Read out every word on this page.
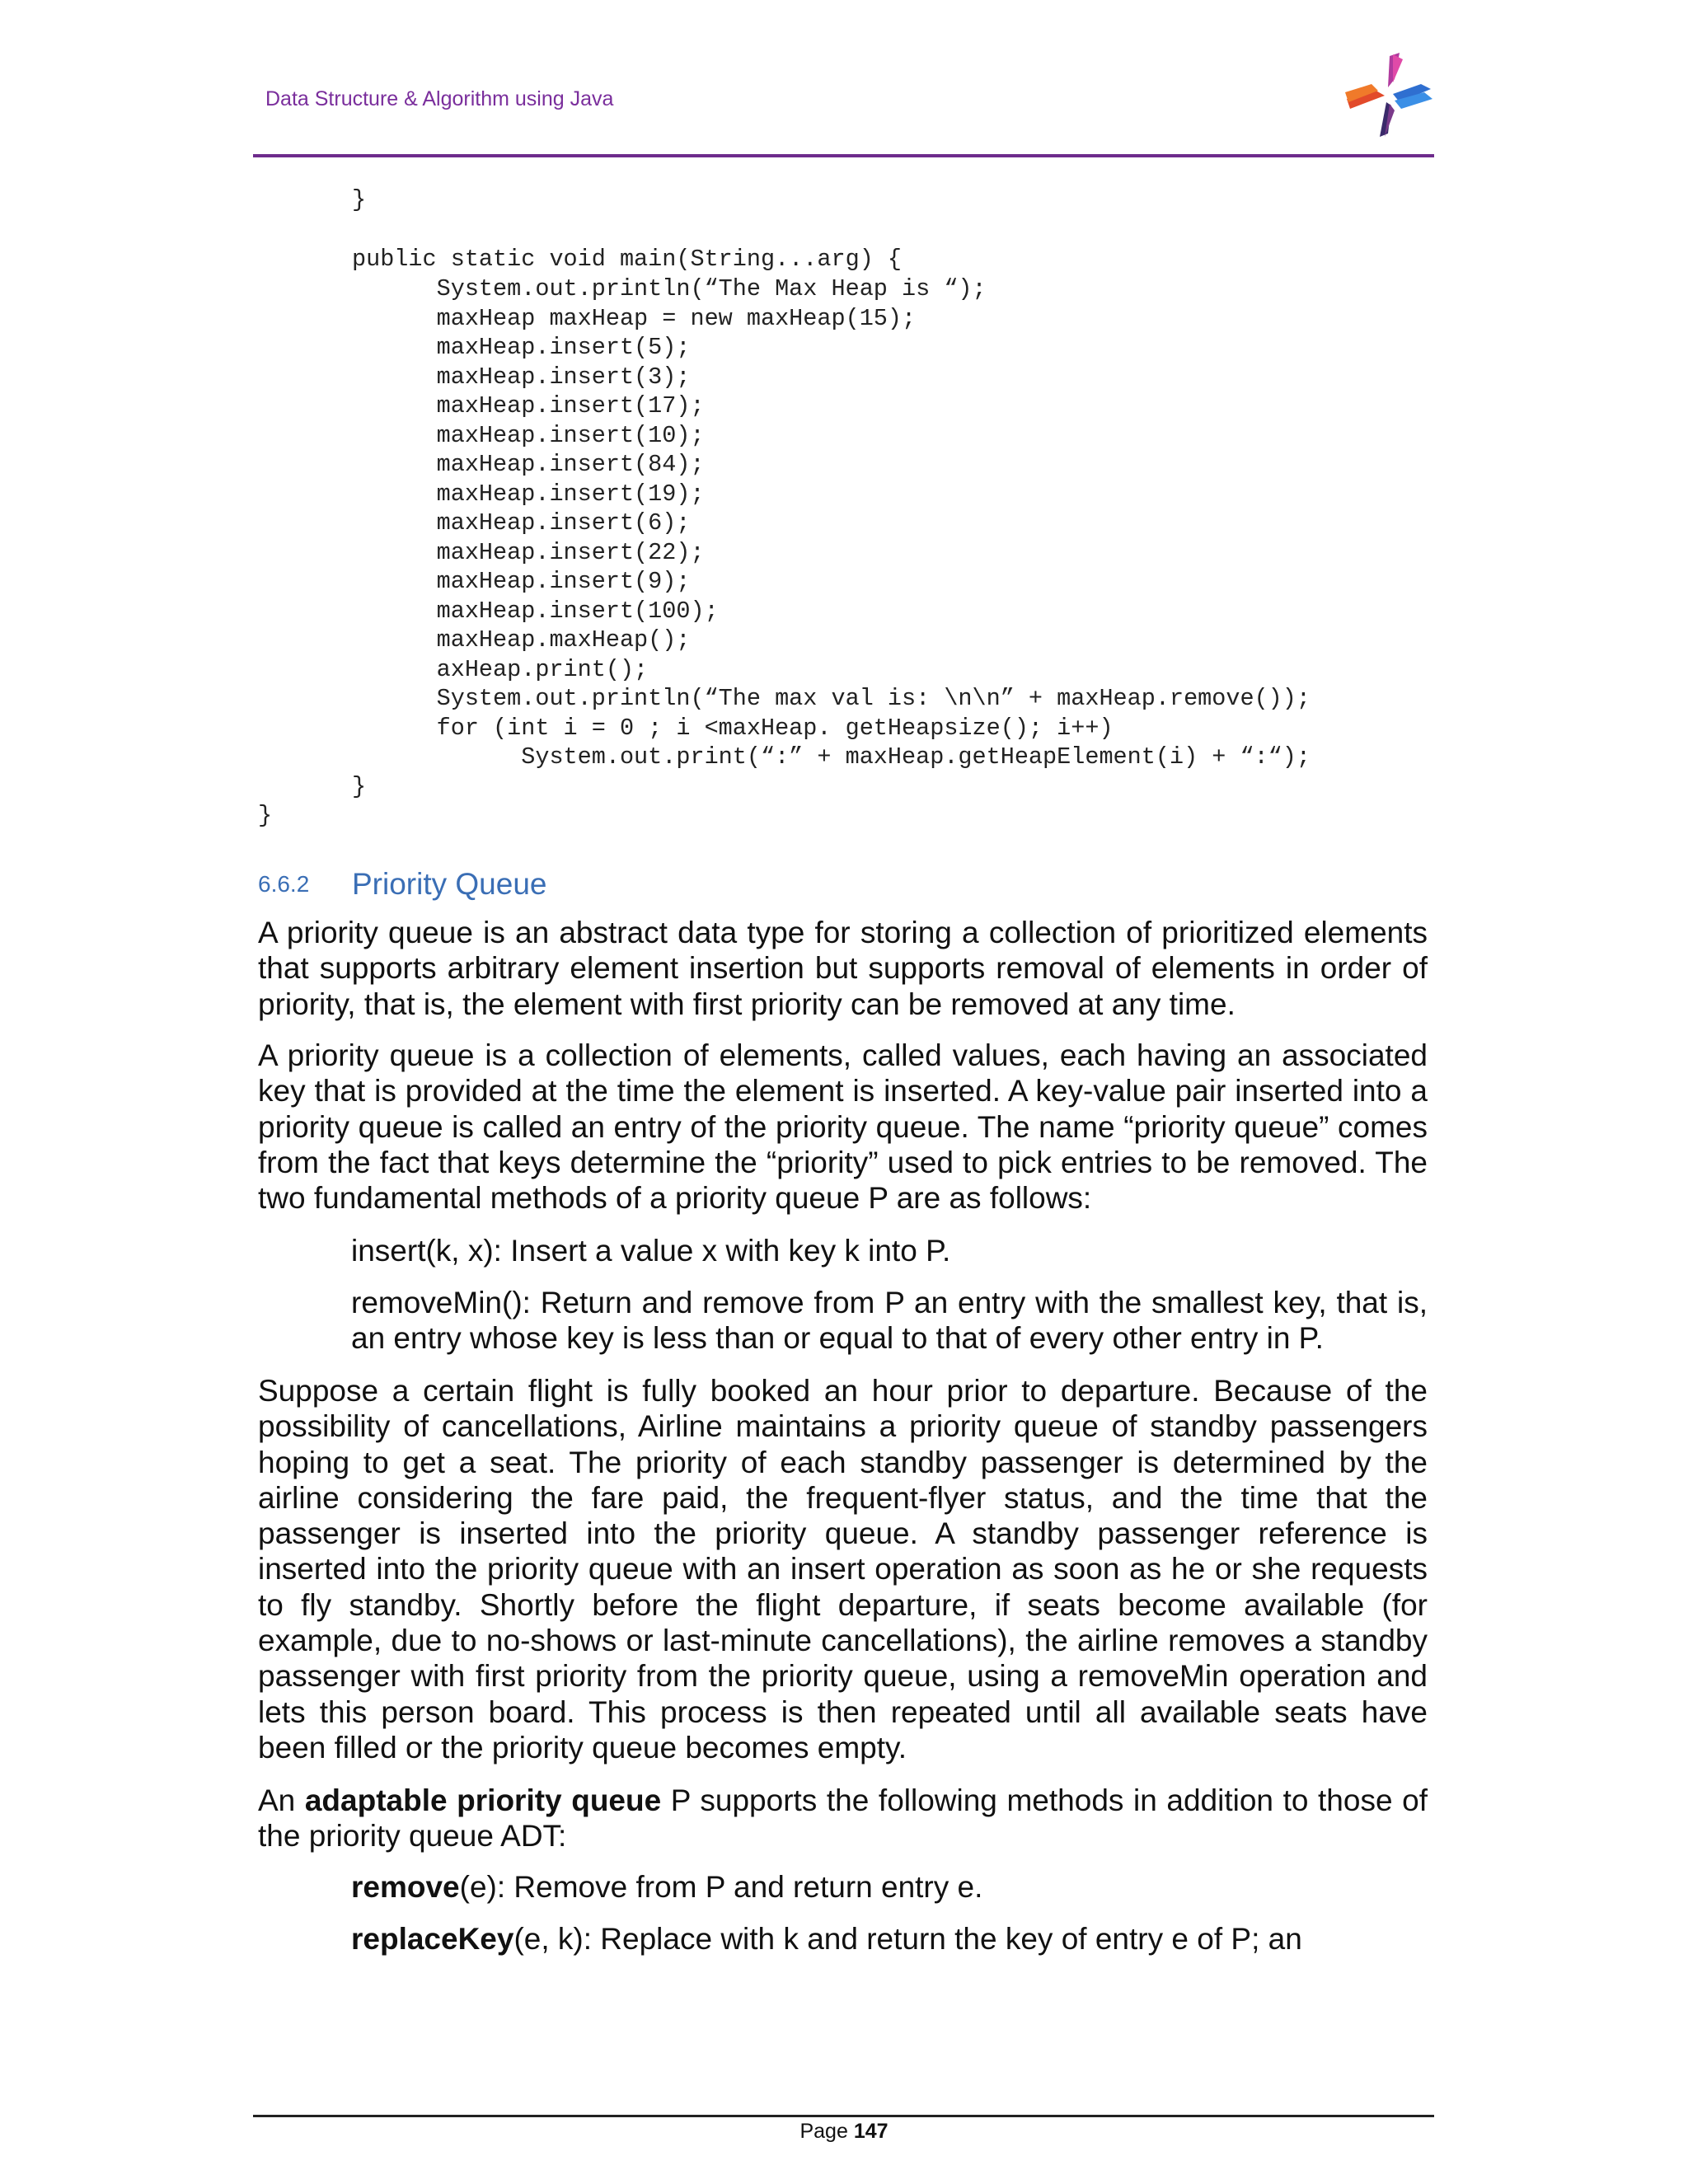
Data Structure & Algorithm using Java
}
public static void main(String...arg) {
System.out.println(“The Max Heap is “);
maxHeap maxHeap = new maxHeap(15);
maxHeap.insert(5);
maxHeap.insert(3);
maxHeap.insert(17);
maxHeap.insert(10);
maxHeap.insert(84);
maxHeap.insert(19);
maxHeap.insert(6);
maxHeap.insert(22);
maxHeap.insert(9);
maxHeap.insert(100);
maxHeap.maxHeap();
axHeap.print();
System.out.println(“The max val is: \n\n” + maxHeap.remove());
for (int i = 0 ; i <maxHeap. getHeapsize(); i++)
System.out.print(“:” + maxHeap.getHeapElement(i) + “:“);
}
}
6.6.2 Priority Queue

A priority queue is an abstract data type for storing a collection of prioritized elements that supports arbitrary element insertion but supports removal of elements in order of priority, that is, the element with first priority can be removed at any time.

A priority queue is a collection of elements, called values, each having an associated key that is provided at the time the element is inserted. A key-value pair inserted into a priority queue is called an entry of the priority queue. The name “priority queue” comes from the fact that keys determine the “priority” used to pick entries to be removed. The two fundamental methods of a priority queue P are as follows:

insert(k, x): Insert a value x with key k into P.

removeMin(): Return and remove from P an entry with the smallest key, that is, an entry whose key is less than or equal to that of every other entry in P.

Suppose a certain flight is fully booked an hour prior to departure. Because of the possibility of cancellations, Airline maintains a priority queue of standby passengers hoping to get a seat. The priority of each standby passenger is determined by the airline considering the fare paid, the frequent-flyer status, and the time that the passenger is inserted into the priority queue. A standby passenger reference is inserted into the priority queue with an insert operation as soon as he or she requests to fly standby. Shortly before the flight departure, if seats become available (for example, due to no-shows or last-minute cancellations), the airline removes a standby passenger with first priority from the priority queue, using a removeMin operation and lets this person board. This process is then repeated until all available seats have been filled or the priority queue becomes empty.

An adaptable priority queue P supports the following methods in addition to those of the priority queue ADT:

remove(e): Remove from P and return entry e.

replaceKey(e, k): Replace with k and return the key of entry e of P; an

Page 147
